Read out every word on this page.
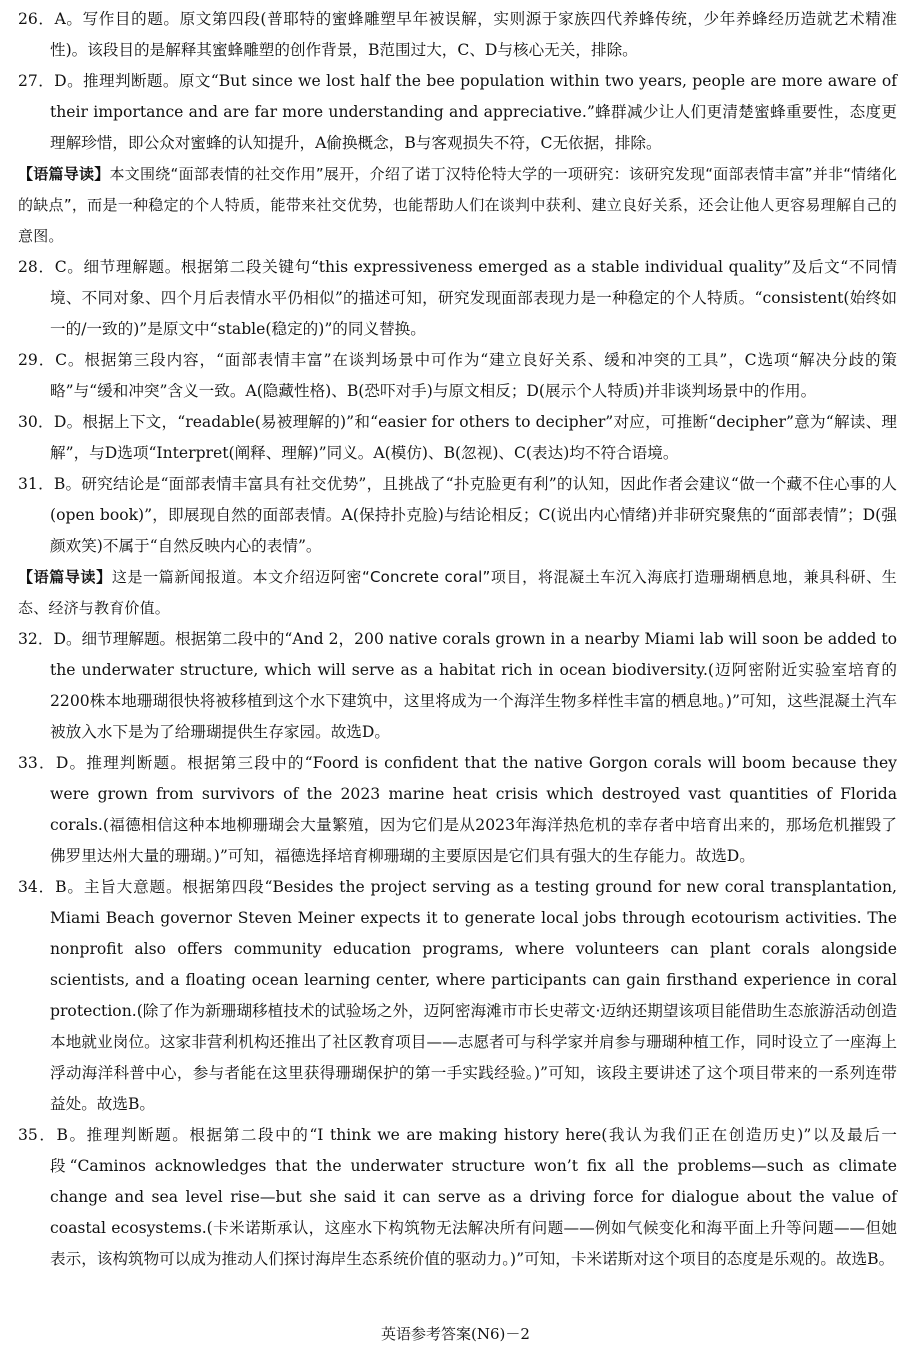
26．A。写作目的题。原文第四段(普耶特的蜜蜂雕塑早年被误解，实则源于家族四代养蜂传统，少年养蜂经历造就艺术精准性)。该段目的是解释其蜜蜂雕塑的创作背景，B范围过大，C、D与核心无关，排除。

27．D。推理判断题。原文“But since we lost half the bee population within two years, people are more aware of their importance and are far more understanding and appreciative.”蜂群减少让人们更清楚蜜蜂重要性，态度更理解珍惜，即公众对蜜蜂的认知提升，A偷换概念，B与客观损失不符，C无依据，排除。

【语篇导读】本文围绕“面部表情的社交作用”展开，介绍了诺丁汉特伦特大学的一项研究：该研究发现“面部表情丰富”并非“情绪化的缺点”，而是一种稳定的个人特质，能带来社交优势，也能帮助人们在谈判中获利、建立良好关系，还会让他人更容易理解自己的意图。

28．C。细节理解题。根据第二段关键句“this expressiveness emerged as a stable individual quality”及后文“不同情境、不同对象、四个月后表情水平仍相似”的描述可知，研究发现面部表现力是一种稳定的个人特质。“consistent(始终如一的/一致的)”是原文中“stable(稳定的)”的同义替换。

29．C。根据第三段内容，“面部表情丰富”在谈判场景中可作为“建立良好关系、缓和冲突的工具”，C选项“解决分歧的策略”与“缓和冲突”含义一致。A(隐藏性格)、B(恐吓对手)与原文相反；D(展示个人特质)并非谈判场景中的作用。

30．D。根据上下文，“readable(易被理解的)”和“easier for others to decipher”对应，可推断“decipher”意为“解读、理解”，与D选项“Interpret(阐释、理解)”同义。A(模仿)、B(忽视)、C(表达)均不符合语境。

31．B。研究结论是“面部表情丰富具有社交优势”，且挑战了“扑克脸更有利”的认知，因此作者会建议“做一个藏不住心事的人(open book)”，即展现自然的面部表情。A(保持扑克脸)与结论相反；C(说出内心情绪)并非研究聚焦的“面部表情”；D(强颜欢笑)不属于“自然反映内心的表情”。

【语篇导读】这是一篇新闻报道。本文介绍迈阿密“Concrete coral”项目，将混凝土车沉入海底打造珊瑚栖息地，兼具科研、生态、经济与教育价值。

32．D。细节理解题。根据第二段中的“And 2，200 native corals grown in a nearby Miami lab will soon be added to the underwater structure, which will serve as a habitat rich in ocean biodiversity.(迈阿密附近实验室培育的2200株本地珊瑚很快将被移植到这个水下建筑中，这里将成为一个海洋生物多样性丰富的栖息地。)”可知，这些混凝土汽车被放入水下是为了给珊瑚提供生存家园。故选D。

33．D。推理判断题。根据第三段中的“Foord is confident that the native Gorgon corals will boom because they were grown from survivors of the 2023 marine heat crisis which destroyed vast quantities of Florida corals.(福德相信这种本地柳珊瑚会大量繁殖，因为它们是从2023年海洋热危机的幸存者中培育出来的，那场危机摧毁了佛罗里达州大量的珊瑚。)”可知，福德选择培育柳珊瑚的主要原因是它们具有强大的生存能力。故选D。

34．B。主旨大意题。根据第四段“Besides the project serving as a testing ground for new coral transplantation, Miami Beach governor Steven Meiner expects it to generate local jobs through ecotourism activities. The nonprofit also offers community education programs, where volunteers can plant corals alongside scientists, and a floating ocean learning center, where participants can gain firsthand experience in coral protection.(除了作为新珊瑚移植技术的试验场之外，迈阿密海滩市市长史蒂文·迈纳还期望该项目能借助生态旅游活动创造本地就业岗位。这家非营利机构还推出了社区教育项目——志愿者可与科学家并肩参与珊瑚种植工作，同时设立了一座海上浮动海洋科普中心，参与者能在这里获得珊瑚保护的第一手实践经验。)”可知，该段主要讲述了这个项目带来的一系列连带益处。故选B。

35．B。推理判断题。根据第二段中的“I think we are making history here(我认为我们正在创造历史)”以及最后一段“Caminos acknowledges that the underwater structure won’t fix all the problems—such as climate change and sea level rise—but she said it can serve as a driving force for dialogue about the value of coastal ecosystems.(卡米诺斯承认，这座水下构筑物无法解决所有问题——例如气候变化和海平面上升等问题——但她表示，该构筑物可以成为推动人们探讨海岸生态系统价值的驱动力。)”可知，卡米诺斯对这个项目的态度是乐观的。故选B。

英语参考答案(N6)－2
